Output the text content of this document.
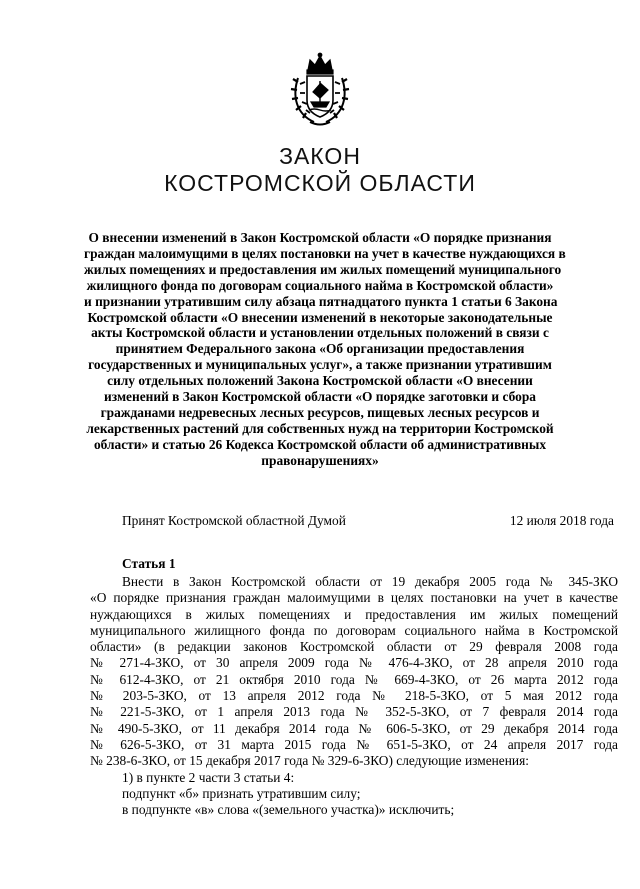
ЗАКОН
КОСТРОМСКОЙ ОБЛАСТИ
О внесении изменений в Закон Костромской области «О порядке признания
граждан малоимущими в целях постановки на учет в качестве нуждающихся в
жилых помещениях и предоставления им жилых помещений муниципального
жилищного фонда по договорам социального найма в Костромской области»
и признании утратившим силу абзаца пятнадцатого пункта 1 статьи 6 Закона
Костромской области «О внесении изменений в некоторые законодательные
акты Костромской области и установлении отдельных положений в связи с
принятием Федерального закона «Об организации предоставления
государственных и муниципальных услуг», а также признании утратившим
силу отдельных положений Закона Костромской области «О внесении
изменений в Закон Костромской области «О порядке заготовки и сбора
гражданами недревесных лесных ресурсов, пищевых лесных ресурсов и
лекарственных растений для собственных нужд на территории Костромской
области» и статью 26 Кодекса Костромской области об административных
правонарушениях»
Принят Костромской областной Думой	12 июля 2018 года
Статья 1
Внести в Закон Костромской области от 19 декабря 2005 года № 345-ЗКО
«О порядке признания граждан малоимущими в целях постановки на учет в качестве
нуждающихся в жилых помещениях и предоставления им жилых помещений
муниципального жилищного фонда по договорам социального найма в Костромской
области» (в редакции законов Костромской области от 29 февраля 2008 года
№ 271-4-ЗКО, от 30 апреля 2009 года № 476-4-ЗКО, от 28 апреля 2010 года
№ 612-4-ЗКО, от 21 октября 2010 года № 669-4-ЗКО, от 26 марта 2012 года
№ 203-5-ЗКО, от 13 апреля 2012 года № 218-5-ЗКО, от 5 мая 2012 года
№ 221-5-ЗКО, от 1 апреля 2013 года № 352-5-ЗКО, от 7 февраля 2014 года
№ 490-5-ЗКО, от 11 декабря 2014 года № 606-5-ЗКО, от 29 декабря 2014 года
№ 626-5-ЗКО, от 31 марта 2015 года № 651-5-ЗКО, от 24 апреля 2017 года
№ 238-6-ЗКО, от 15 декабря 2017 года № 329-6-ЗКО) следующие изменения:
1) в пункте 2 части 3 статьи 4:
подпункт «б» признать утратившим силу;
в подпункте «в» слова «(земельного участка)» исключить;
